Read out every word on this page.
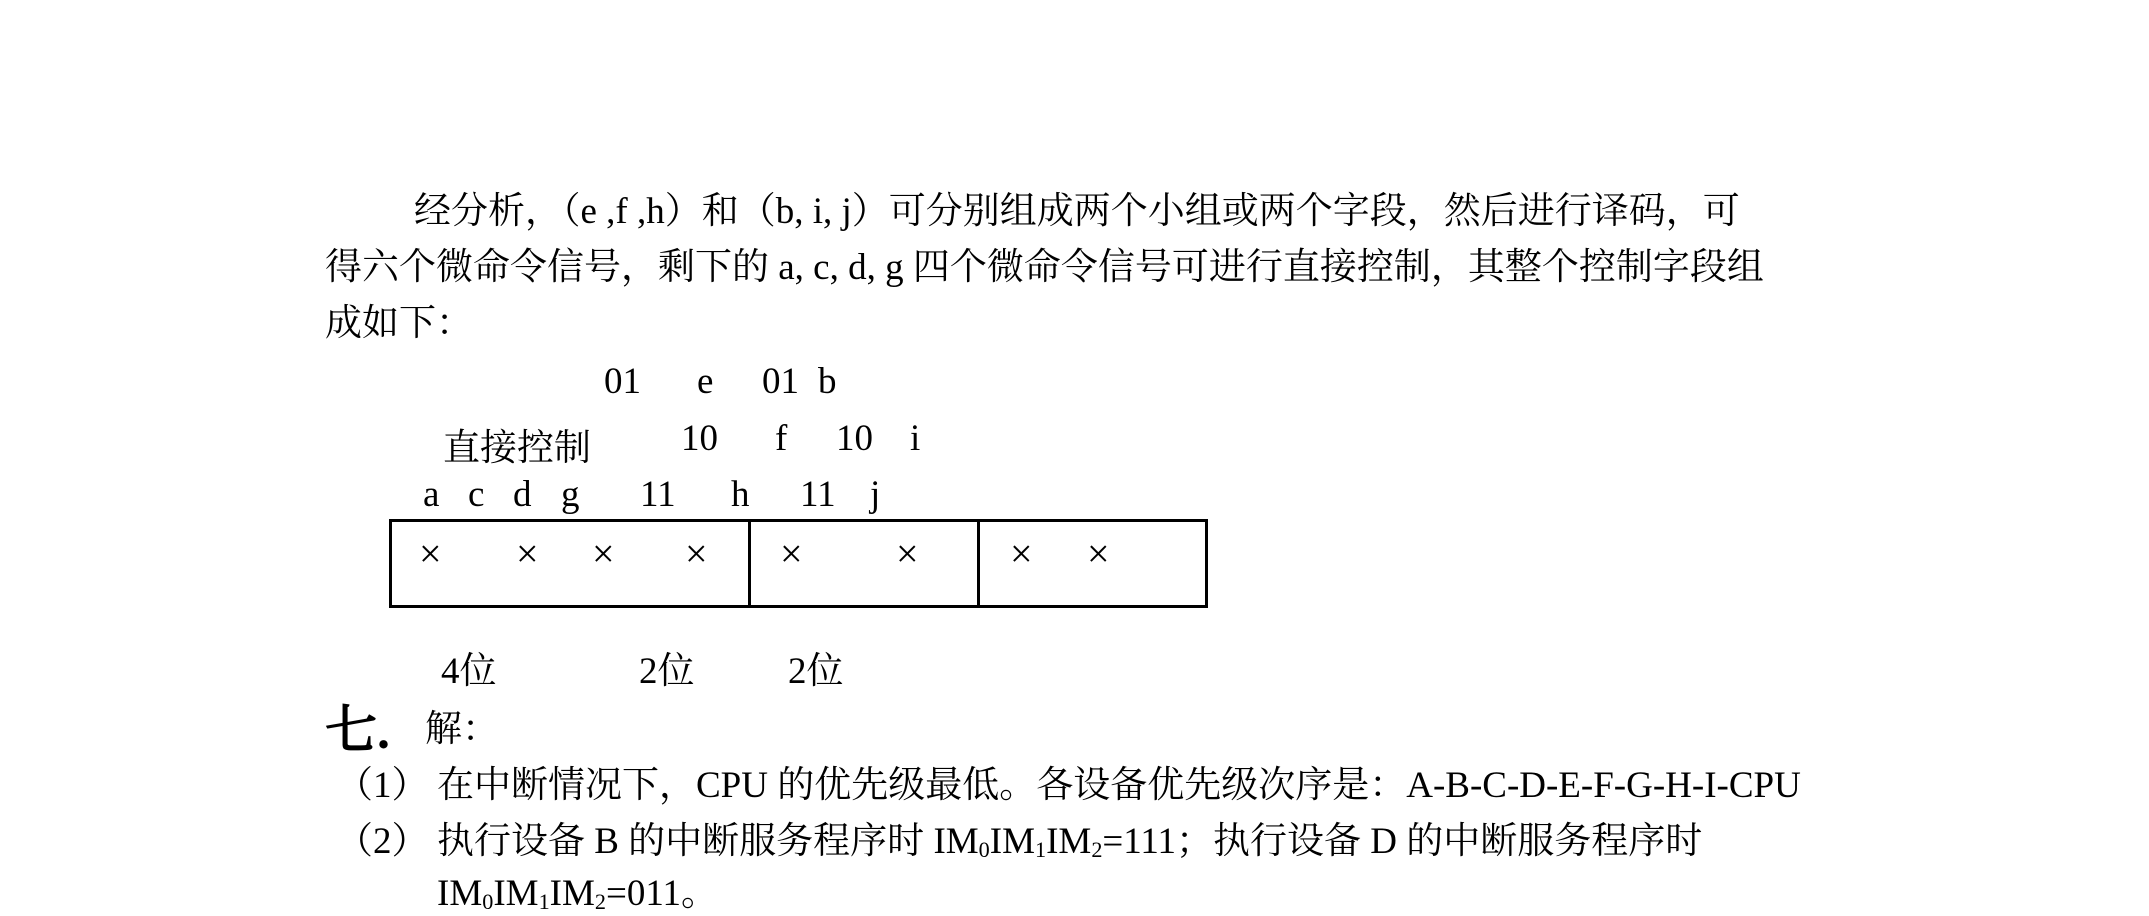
经分析，（e ,f ,h）和（b, i, j）可分别组成两个小组或两个字段，然后进行译码，可
得六个微命令信号，剩下的 a, c, d, g 四个微命令信号可进行直接控制，其整个控制字段组
成如下：
01 e 01 b
直接控制 10 f 10 i
a c d g 11 h 11 j
× × × × × × × ×
4位	2位	2位
七. 解：
（1） 在中断情况下，CPU 的优先级最低。各设备优先级次序是：A-B-C-D-E-F-G-H-I-CPU
（2） 执行设备 B 的中断服务程序时 $IM_0IM_1IM_2=111$；执行设备 D 的中断服务程序时
$IM_0IM_1IM_2=011$。
